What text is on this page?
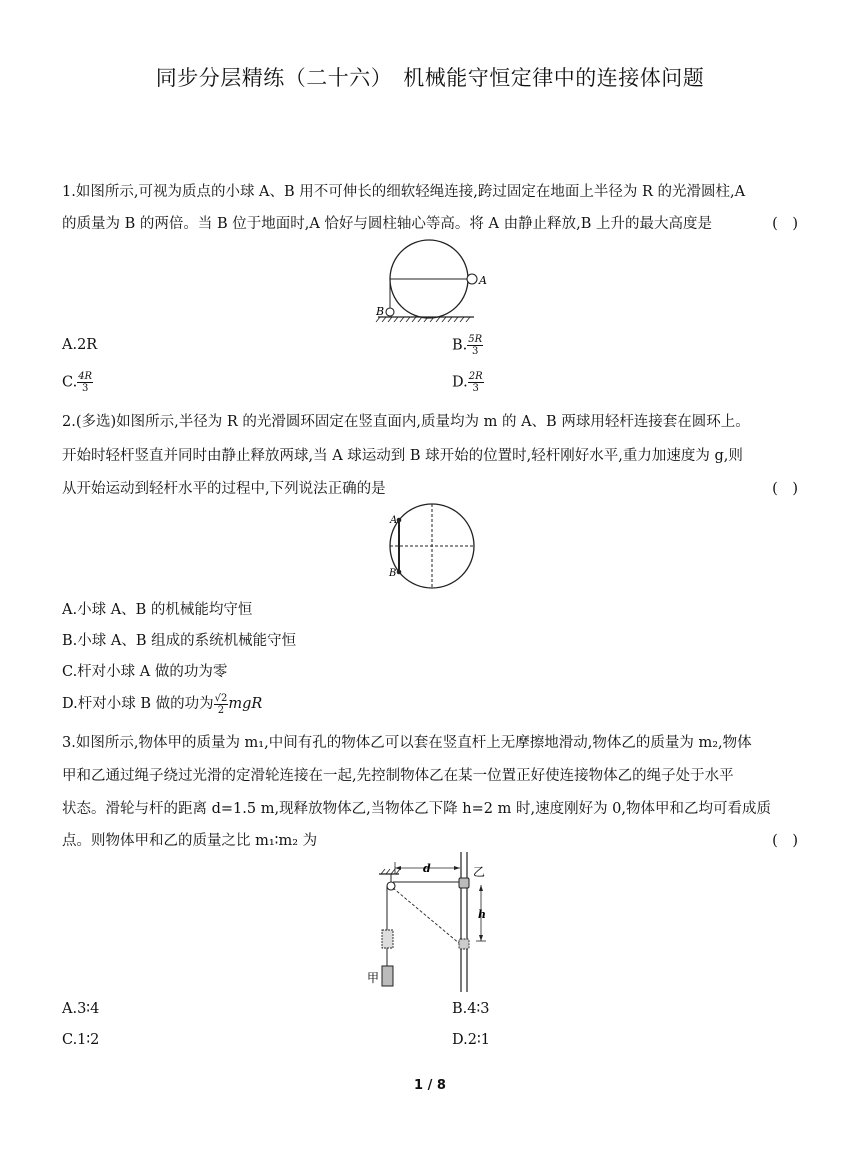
同步分层精练（二十六）　机械能守恒定律中的连接体问题
1.如图所示,可视为质点的小球 A、B 用不可伸长的细软轻绳连接,跨过固定在地面上半径为 R 的光滑圆柱,A
的质量为 B 的两倍。当 B 位于地面时,A 恰好与圆柱轴心等高。将 A 由静止释放,B 上升的最大高度是	(　)
A
B
A.2R	B. $\frac{5R}{3}$
C. $\frac{4R}{3}$	D. $\frac{2R}{3}$
2.(多选)如图所示,半径为 R 的光滑圆环固定在竖直面内,质量均为 m 的 A、B 两球用轻杆连接套在圆环上。
开始时轻杆竖直并同时由静止释放两球,当 A 球运动到 B 球开始的位置时,轻杆刚好水平,重力加速度为 g,则
从开始运动到轻杆水平的过程中,下列说法正确的是	(　)
A
B
A.小球 A、B 的机械能均守恒
B.小球 A、B 组成的系统机械能守恒
C.杆对小球 A 做的功为零
D.杆对小球 B 做的功为 $\frac{√2}{2}$ mgR
3.如图所示,物体甲的质量为 m₁,中间有孔的物体乙可以套在竖直杆上无摩擦地滑动,物体乙的质量为 m₂,物体
甲和乙通过绳子绕过光滑的定滑轮连接在一起,先控制物体乙在某一位置正好使连接物体乙的绳子处于水平
状态。滑轮与杆的距离 d=1.5 m,现释放物体乙,当物体乙下降 h=2 m 时,速度刚好为 0,物体甲和乙均可看成质
点。则物体甲和乙的质量之比 m₁∶m₂ 为	(　)
d	乙
h
甲
A.3∶4	B.4∶3
C.1∶2	D.2∶1
1 / 8
